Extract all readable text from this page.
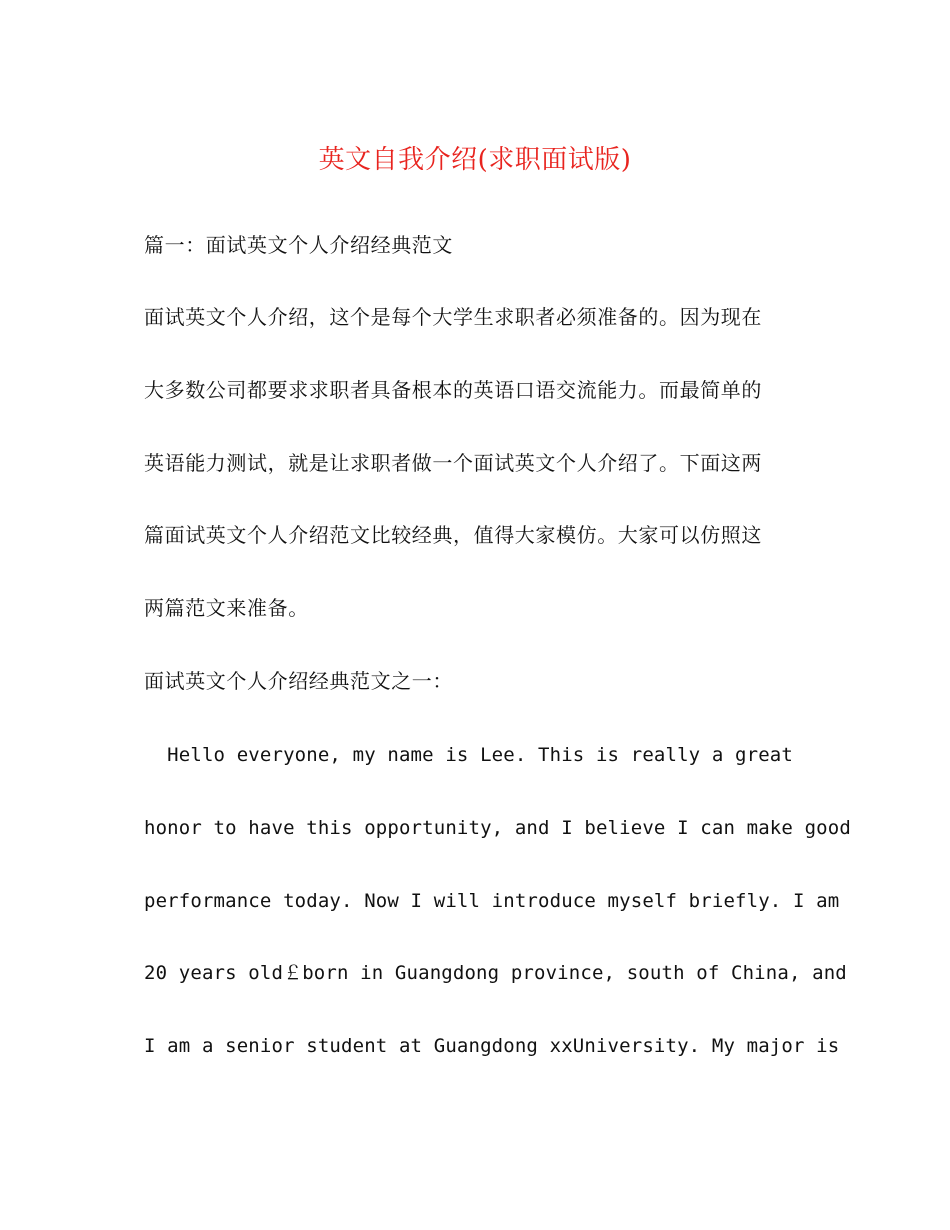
英文自我介绍(求职面试版)
篇一：面试英文个人介绍经典范文
面试英文个人介绍，这个是每个大学生求职者必须准备的。因为现在
大多数公司都要求求职者具备根本的英语口语交流能力。而最简单的
英语能力测试，就是让求职者做一个面试英文个人介绍了。下面这两
篇面试英文个人介绍范文比较经典，值得大家模仿。大家可以仿照这
两篇范文来准备。
面试英文个人介绍经典范文之一：
Hello everyone, my name is Lee. This is really a great
honor to have this opportunity, and I believe I can make good
performance today. Now I will introduce myself briefly. I am
20 years old￡born in Guangdong province, south of China, and
I am a senior student at Guangdong xxUniversity. My major is
